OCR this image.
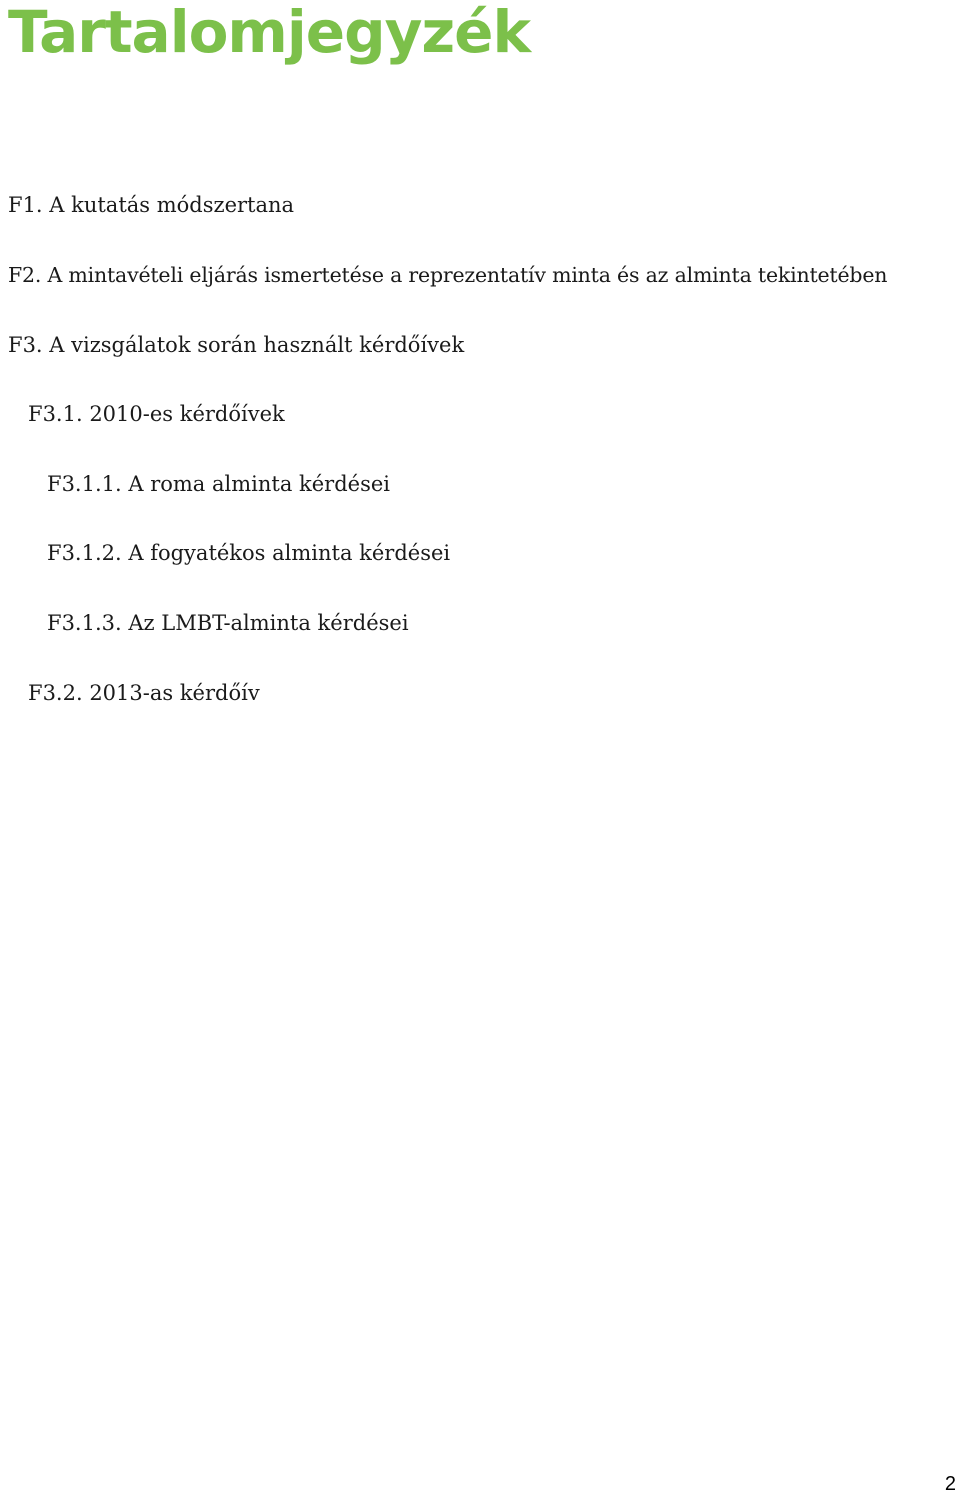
Tartalomjegyzék

F1. A kutatás módszertana

F2. A mintavételi eljárás ismertetése a reprezentatív minta és az alminta tekintetében

F3. A vizsgálatok során használt kérdőívek

F3.1. 2010-es kérdőívek

F3.1.1. A roma alminta kérdései

F3.1.2. A fogyatékos alminta kérdései

F3.1.3. Az LMBT-alminta kérdései

F3.2. 2013-as kérdőív

2
